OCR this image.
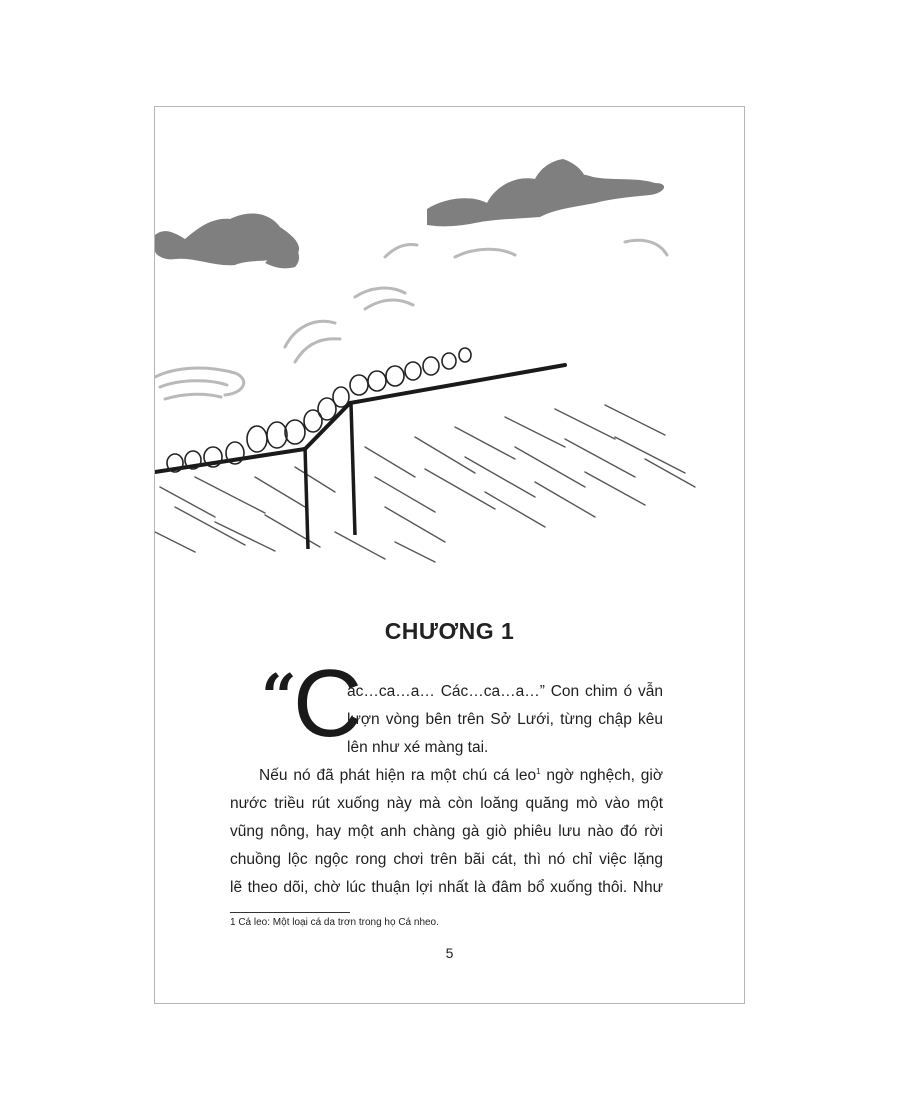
CHƯƠNG 1
“
C
ác…ca…a… Các…ca…a…” Con chim ó vẫn
lượn vòng bên trên Sở Lưới, từng chập kêu
lên như xé màng tai.
Nếu nó đã phát hiện ra một chú cá leo$^1$ ngờ nghệch, giờ
nước triều rút xuống này mà còn loăng quăng mò vào một
vũng nông, hay một anh chàng gà giò phiêu lưu nào đó rời
chuồng lộc ngộc rong chơi trên bãi cát, thì nó chỉ việc lặng
lẽ theo dõi, chờ lúc thuận lợi nhất là đâm bổ xuống thôi. Như
1 Cá leo: Một loại cá da trơn trong họ Cá nheo.
5
